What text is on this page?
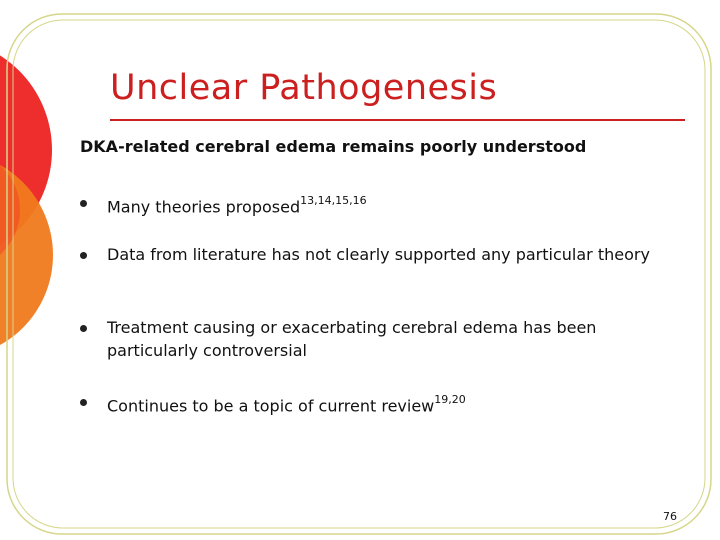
Unclear Pathogenesis
DKA-related cerebral edema remains poorly understood
Many theories proposed$^{13,14,15,16}$
Data from literature has not clearly supported any particular theory
Treatment causing or exacerbating cerebral edema has been particularly controversial
Continues to be a topic of current review$^{19,20}$
76
